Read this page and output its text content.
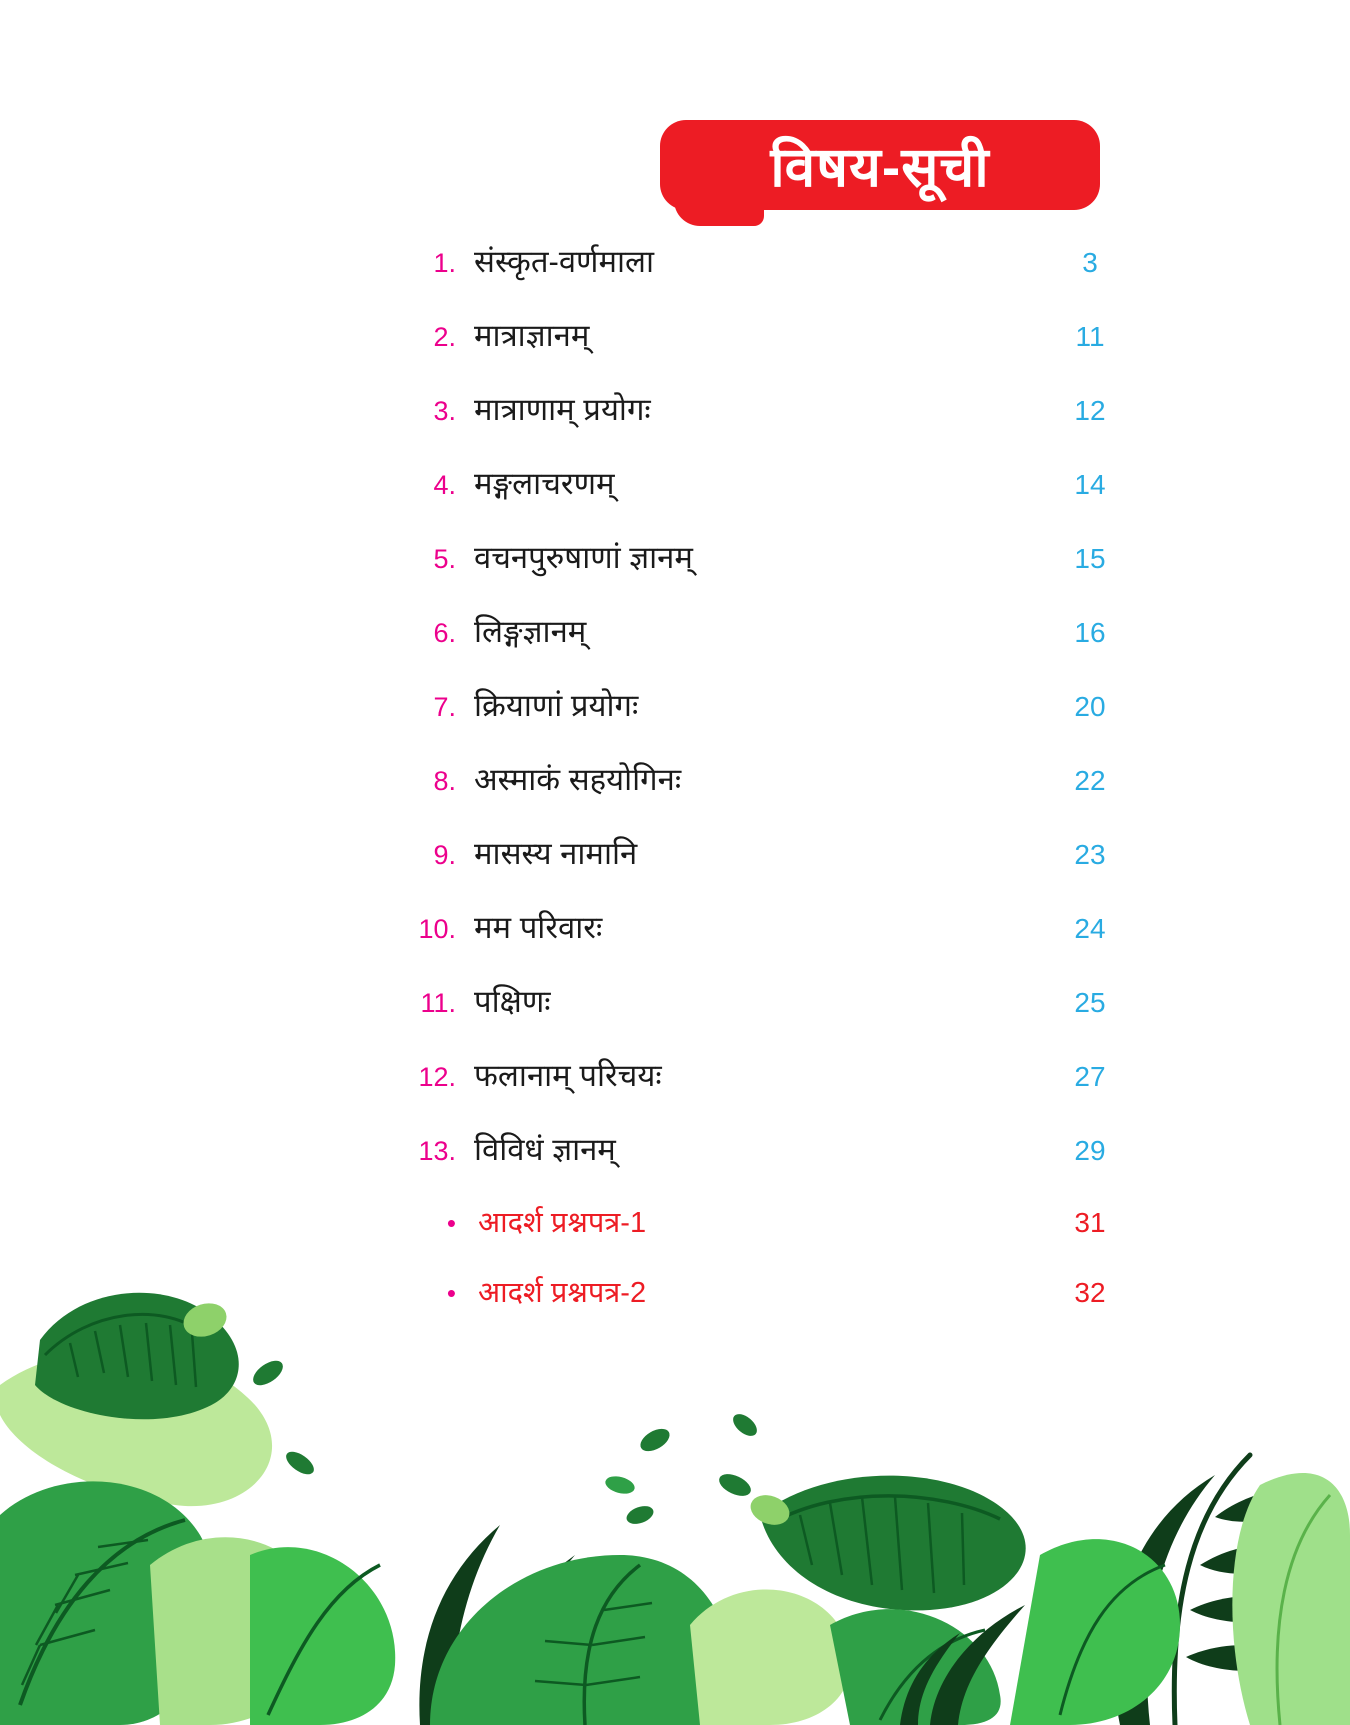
विषय-सूची
1. संस्कृत-वर्णमाला	3
2. मात्राज्ञानम्	11
3. मात्राणाम् प्रयोगः	12
4. मङ्गलाचरणम्	14
5. वचनपुरुषाणां ज्ञानम्	15
6. लिङ्गज्ञानम्	16
7. क्रियाणां प्रयोगः	20
8. अस्माकं सहयोगिनः	22
9. मासस्य नामानि	23
10. मम परिवारः	24
11. पक्षिणः	25
12. फलानाम् परिचयः	27
13. विविधं ज्ञानम्	29
• आदर्श प्रश्नपत्र-1	31
• आदर्श प्रश्नपत्र-2	32
